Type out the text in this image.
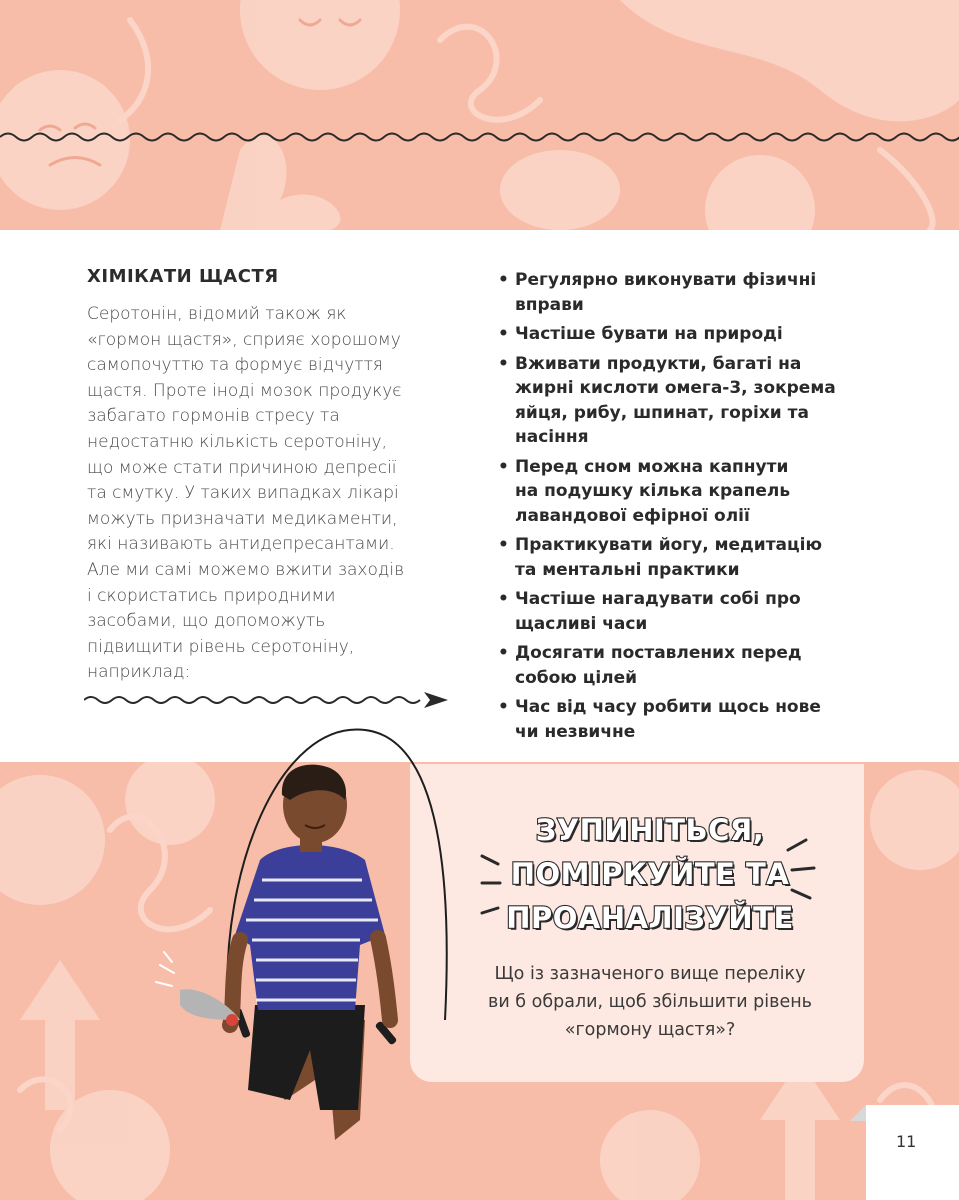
ХІМІКАТИ ЩАСТЯ
Серотонін, відомий також як
«гормон щастя», сприяє хорошому
самопочуттю та формує відчуття
щастя. Проте іноді мозок продукує
забагато гормонів стресу та
недостатню кількість серотоніну,
що може стати причиною депресії
та смутку. У таких випадках лікарі
можуть призначати медикаменти,
які називають антидепресантами.
Але ми самі можемо вжити заходів
і скористатись природними
засобами, що допоможуть
підвищити рівень серотоніну,
наприклад:
• Регулярно виконувати фізичні
вправи
• Частіше бувати на природі
• Вживати продукти, багаті на
жирні кислоти омега-3, зокрема
яйця, рибу, шпинат, горіхи та
насіння
• Перед сном можна капнути
на подушку кілька крапель
лавандової ефірної олії
• Практикувати йогу, медитацію
та ментальні практики
• Частіше нагадувати собі про
щасливі часи
• Досягати поставлених перед
собою цілей
• Час від часу робити щось нове
чи незвичне
ЗУПИНІТЬСЯ,
ПОМІРКУЙТЕ ТА
ПРОАНАЛІЗУЙТЕ
Що із зазначеного вище переліку
ви б обрали, щоб збільшити рівень
«гормону щастя»?
11
